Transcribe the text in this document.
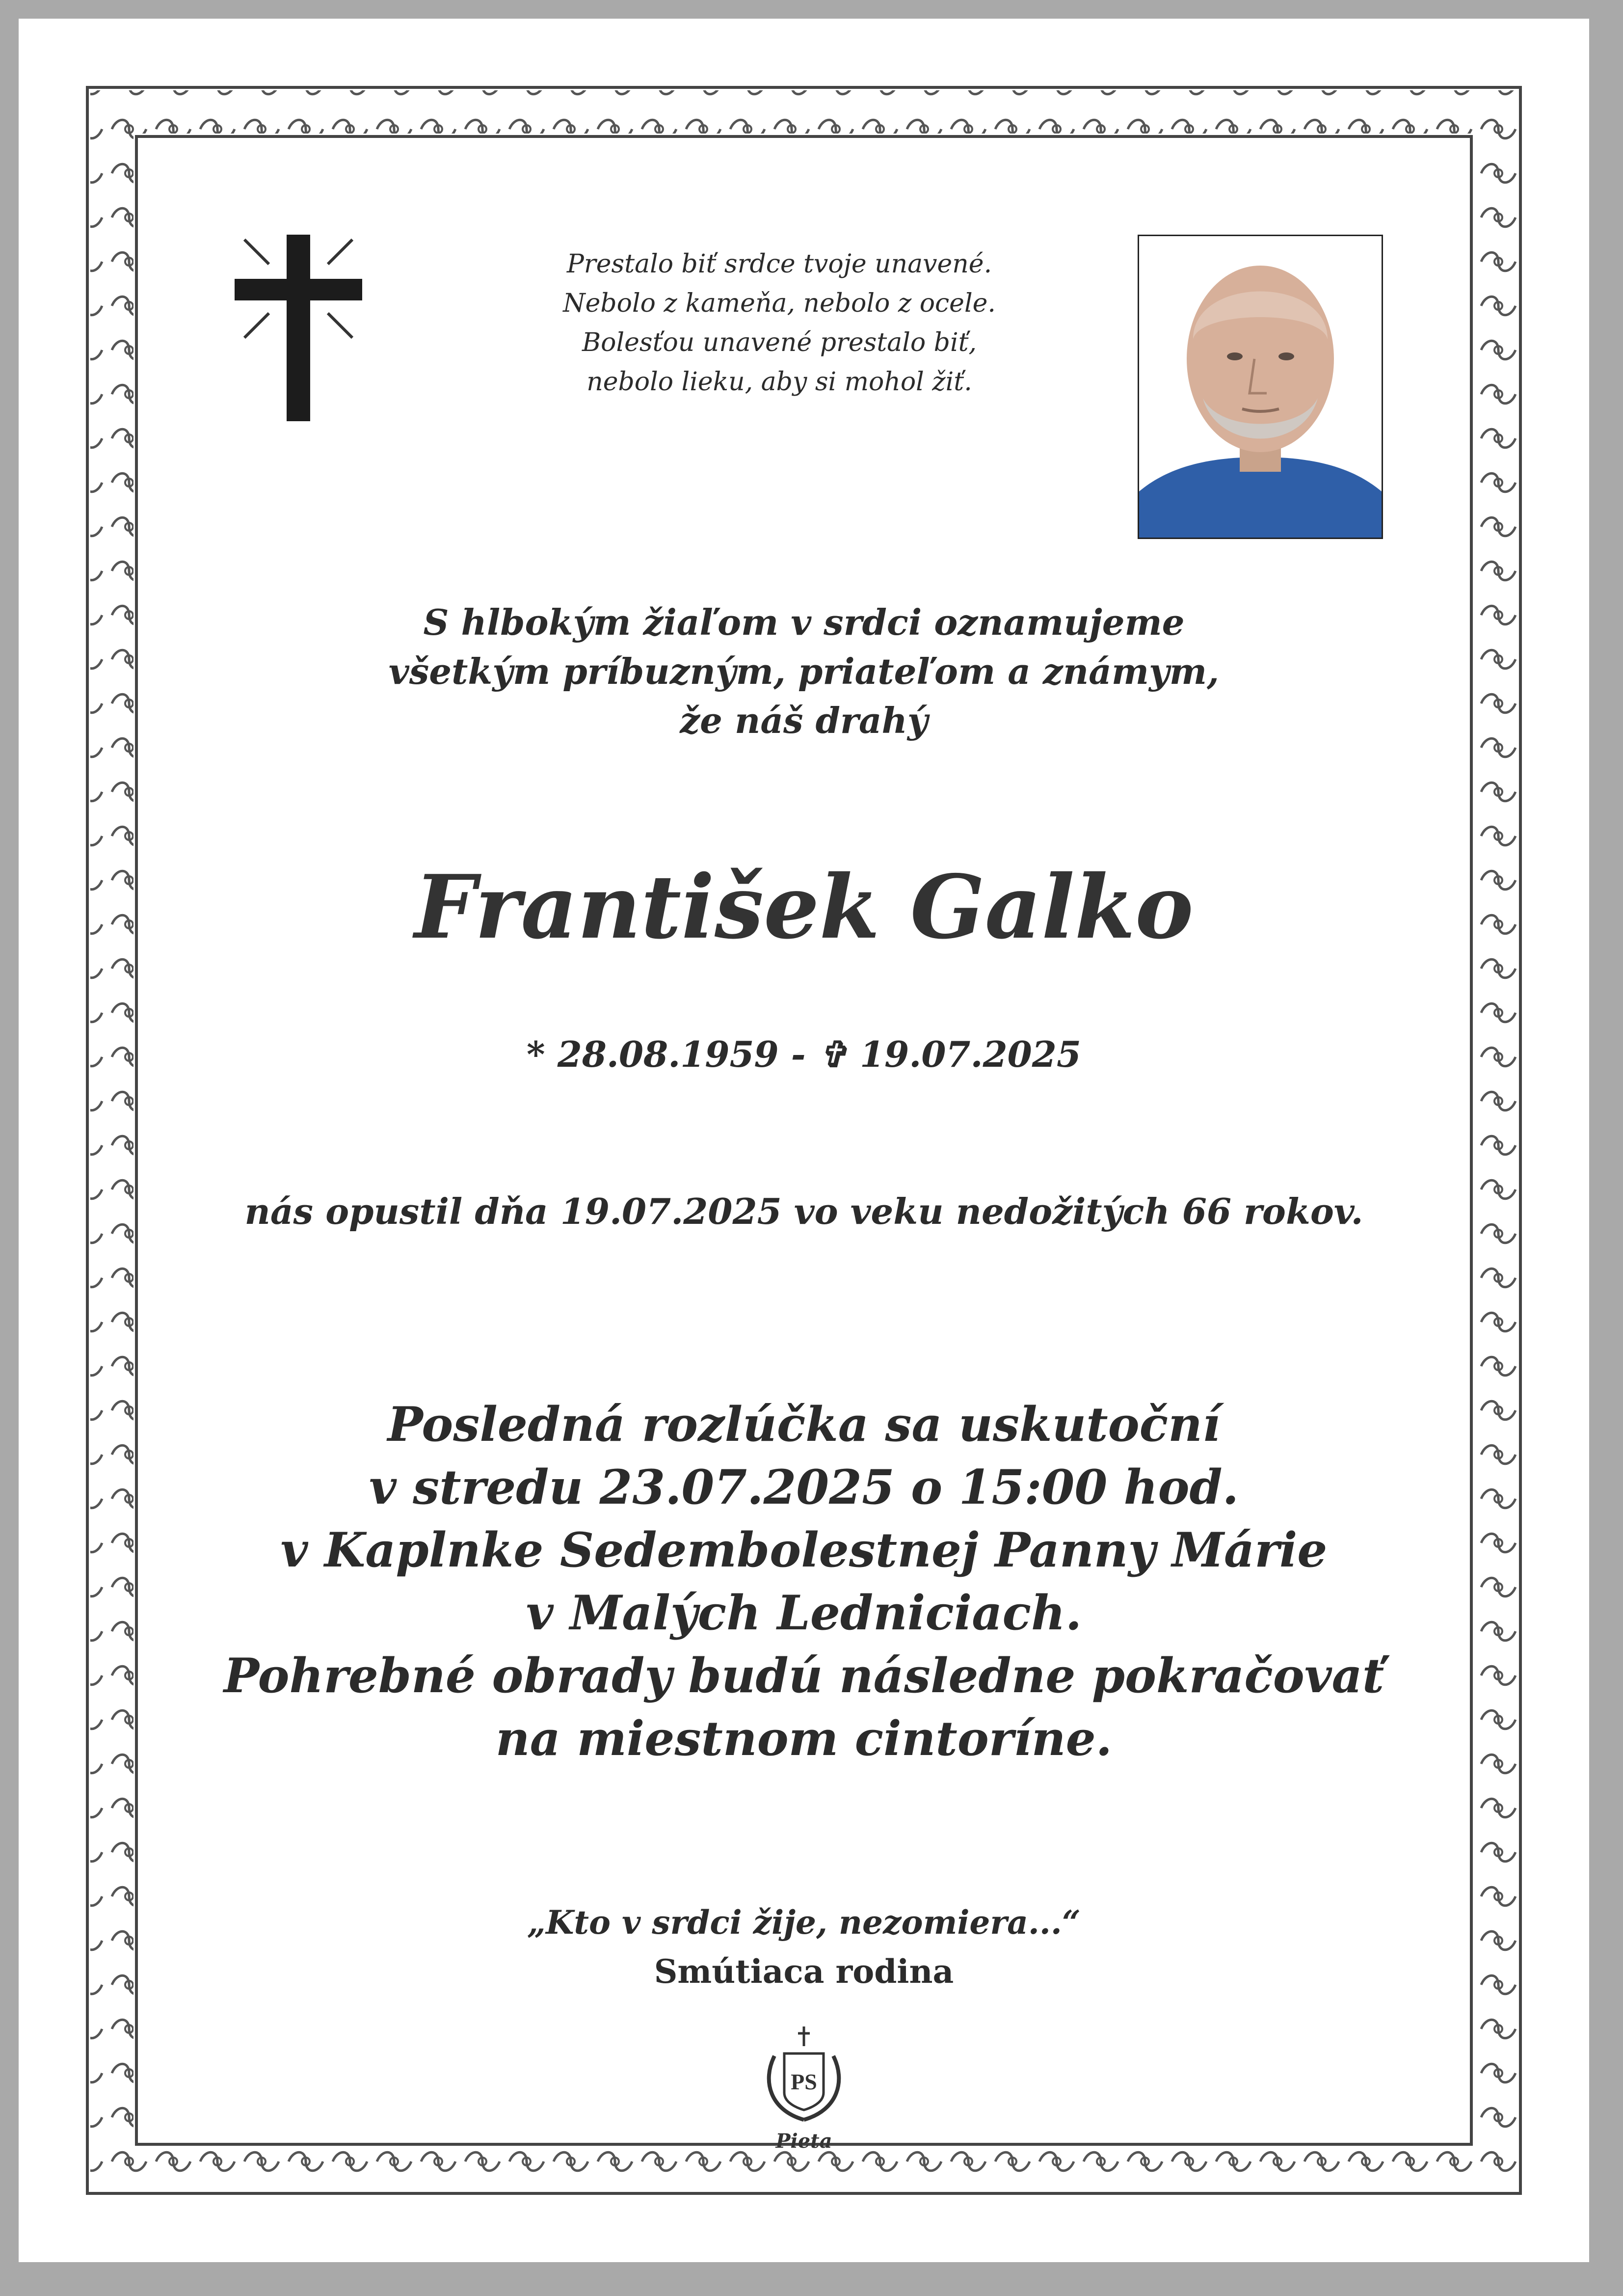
Prestalo biť srdce tvoje unavené.
Nebolo z kameňa, nebolo z ocele.
Bolesťou unavené prestalo biť,
nebolo lieku, aby si mohol žiť.
S hlbokým žiaľom v srdci oznamujeme
všetkým príbuzným, priateľom a známym,
že náš drahý
František Galko
* 28.08.1959 - ✞ 19.07.2025
nás opustil dňa 19.07.2025 vo veku nedožitých 66 rokov.
Posledná rozlúčka sa uskutoční
v stredu 23.07.2025 o 15:00 hod.
v Kaplnke Sedembolestnej Panny Márie
v Malých Ledniciach.
Pohrebné obrady budú následne pokračovať
na miestnom cintoríne.
„Kto v srdci žije, nezomiera...“
Smútiaca rodina
PS
Pieta
